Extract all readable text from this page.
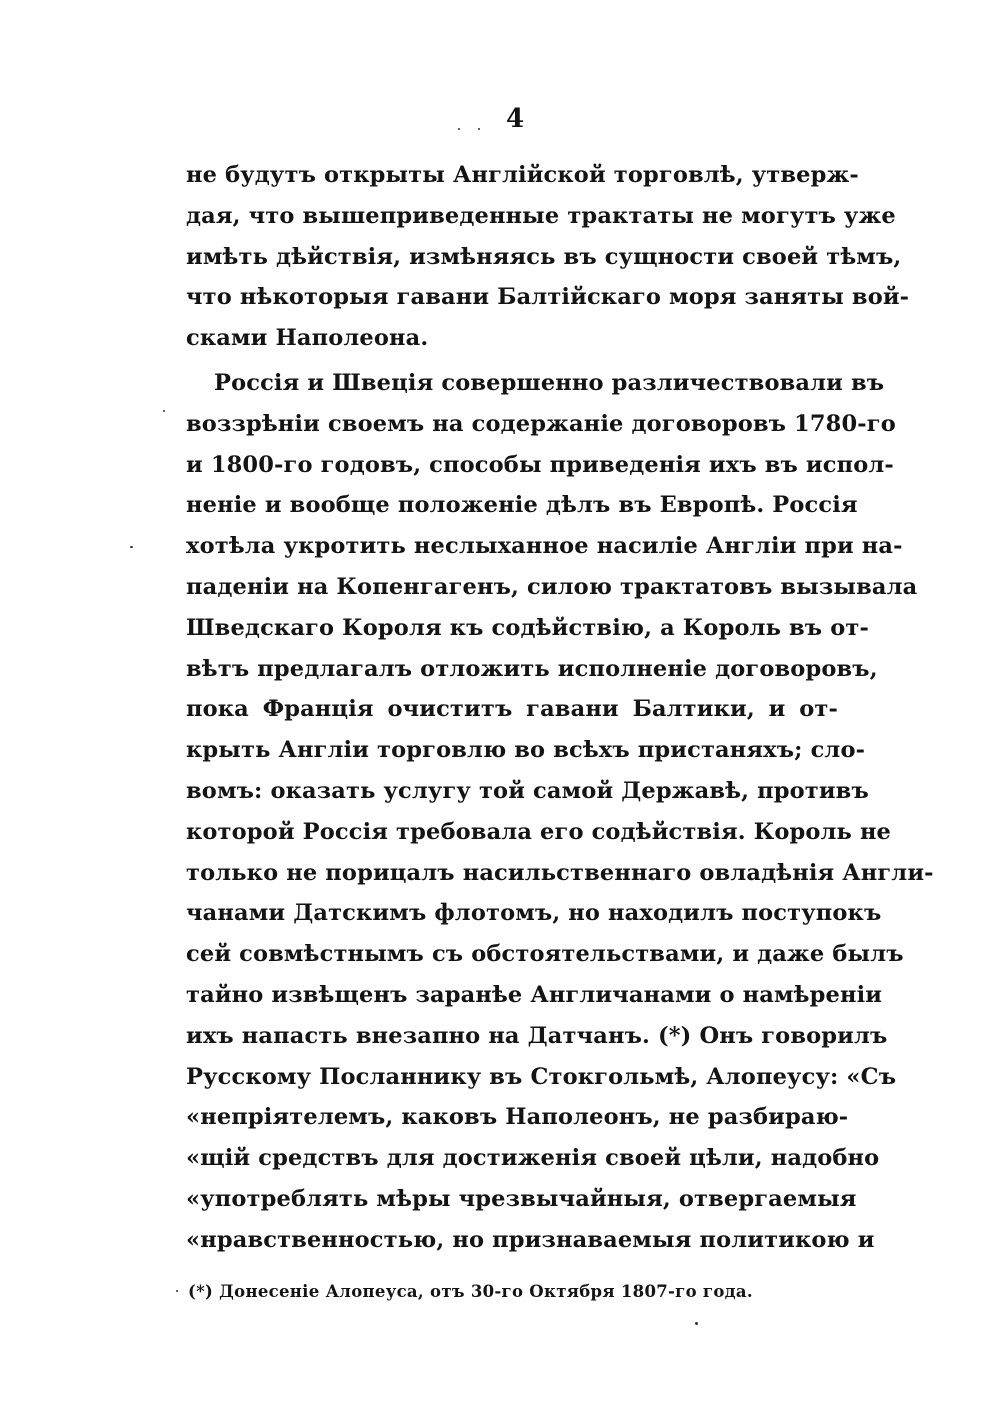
4
не будутъ открыты Англійской торговлѣ, утверж-
дая, что вышеприведенные трактаты не могутъ уже
имѣть дѣйствія, измѣняясь въ сущности своей тѣмъ,
что нѣкоторыя гавани Балтійскаго моря заняты вой-
сками Наполеона.
Россія и Швеція совершенно различествовали въ
воззрѣніи своемъ на содержаніе договоровъ 1780-го
и 1800-го годовъ, способы приведенія ихъ въ испол-
неніе и вообще положеніе дѣлъ въ Европѣ. Россія
хотѣла укротить неслыханное насиліе Англіи при на-
паденіи на Копенгагенъ, силою трактатовъ вызывала
Шведскаго Короля къ содѣйствію, а Король въ от-
вѣтъ предлагалъ отложить исполненіе договоровъ,
пока Франція очиститъ гавани Балтики, и от-
крыть Англіи торговлю во всѣхъ пристаняхъ; сло-
вомъ: оказать услугу той самой Державѣ, противъ
которой Россія требовала его содѣйствія. Король не
только не порицалъ насильственнаго овладѣнія Англи-
чанами Датскимъ флотомъ, но находилъ поступокъ
сей совмѣстнымъ съ обстоятельствами, и даже былъ
тайно извѣщенъ заранѣе Англичанами о намѣреніи
ихъ напасть внезапно на Датчанъ. (*) Онъ говорилъ
Русскому Посланнику въ Стокгольмѣ, Алопеусу: «Съ
«непріятелемъ, каковъ Наполеонъ, не разбираю-
«щій средствъ для достиженія своей цѣли, надобно
«употреблять мѣры чрезвычайныя, отвергаемыя
«нравственностью, но признаваемыя политикою и
(*) Донесеніе Алопеуса, отъ 30-го Октября 1807-го года.
